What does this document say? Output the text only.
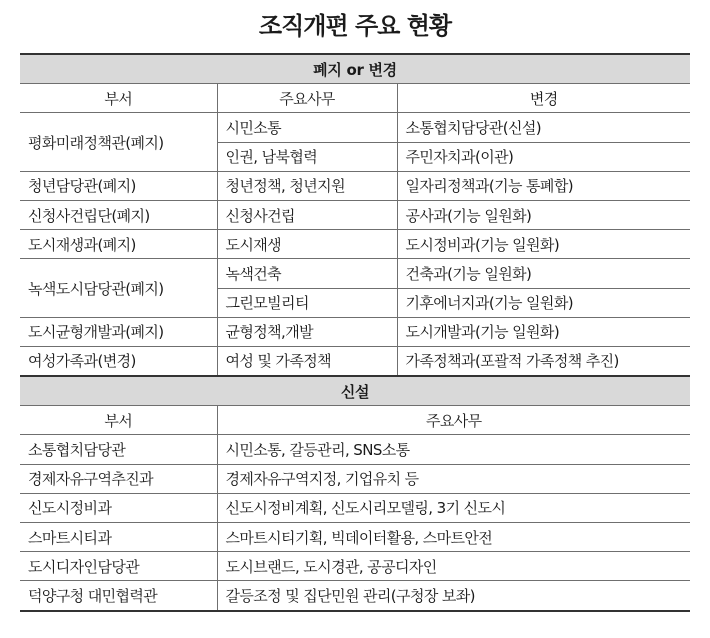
조직개편 주요 현황
폐지 or 변경		
부서	주요사무	변경
평화미래정책관(폐지)	시민소통	소통협치담당관(신설)
	인권, 남북협력	주민자치과(이관)
청년담당관(폐지)	청년정책, 청년지원	일자리정책과(기능 통폐합)
신청사건립단(폐지)	신청사건립	공사과(기능 일원화)
도시재생과(폐지)	도시재생	도시정비과(기능 일원화)
녹색도시담당관(폐지)	녹색건축	건축과(기능 일원화)
	그린모빌리티	기후에너지과(기능 일원화)
도시균형개발과(폐지)	균형정책,개발	도시개발과(기능 일원화)
여성가족과(변경)	여성 및 가족정책	가족정책과(포괄적 가족정책 추진)
신설		
부서	주요사무	
소통협치담당관	시민소통, 갈등관리, SNS소통	
경제자유구역추진과	경제자유구역지정, 기업유치 등	
신도시정비과	신도시정비계획, 신도시리모델링, 3기 신도시	
스마트시티과	스마트시티기획, 빅데이터활용, 스마트안전	
도시디자인담당관	도시브랜드, 도시경관, 공공디자인	
덕양구청 대민협력관	갈등조정 및 집단민원 관리(구청장 보좌)	
